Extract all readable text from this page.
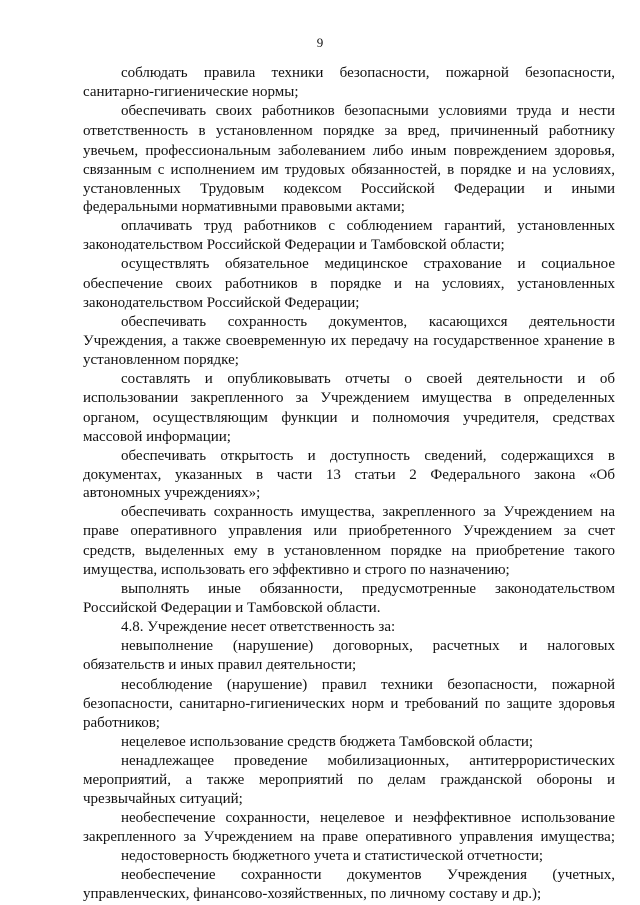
9
соблюдать правила техники безопасности, пожарной безопасности,
санитарно-гигиенические нормы;
обеспечивать своих работников безопасными условиями труда и нести
ответственность в установленном порядке за вред, причиненный работнику
увечьем, профессиональным заболеванием либо иным повреждением здоровья,
связанным с исполнением им трудовых обязанностей, в порядке и на условиях,
установленных Трудовым кодексом Российской Федерации и иными
федеральными нормативными правовыми актами;
оплачивать труд работников с соблюдением гарантий, установленных
законодательством Российской Федерации и Тамбовской области;
осуществлять обязательное медицинское страхование и социальное
обеспечение своих работников в порядке и на условиях, установленных
законодательством Российской Федерации;
обеспечивать сохранность документов, касающихся деятельности
Учреждения, а также своевременную их передачу на государственное хранение в
установленном порядке;
составлять и опубликовывать отчеты о своей деятельности и об
использовании закрепленного за Учреждением имущества в определенных
органом, осуществляющим функции и полномочия учредителя, средствах
массовой информации;
обеспечивать открытость и доступность сведений, содержащихся в
документах, указанных в части 13 статьи 2 Федерального закона «Об
автономных учреждениях»;
обеспечивать сохранность имущества, закрепленного за Учреждением на
праве оперативного управления или приобретенного Учреждением за счет
средств, выделенных ему в установленном порядке на приобретение такого
имущества, использовать его эффективно и строго по назначению;
выполнять иные обязанности, предусмотренные законодательством
Российской Федерации и Тамбовской области.
4.8. Учреждение несет ответственность за:
невыполнение (нарушение) договорных, расчетных и налоговых
обязательств и иных правил деятельности;
несоблюдение (нарушение) правил техники безопасности, пожарной
безопасности, санитарно-гигиенических норм и требований по защите здоровья
работников;
нецелевое использование средств бюджета Тамбовской области;
ненадлежащее проведение мобилизационных, антитеррористических
мероприятий, а также мероприятий по делам гражданской обороны и
чрезвычайных ситуаций;
необеспечение сохранности, нецелевое и неэффективное использование
закрепленного за Учреждением на праве оперативного управления имущества;
недостоверность бюджетного учета и статистической отчетности;
необеспечение сохранности документов Учреждения (учетных,
управленческих, финансово-хозяйственных, по личному составу и др.);
